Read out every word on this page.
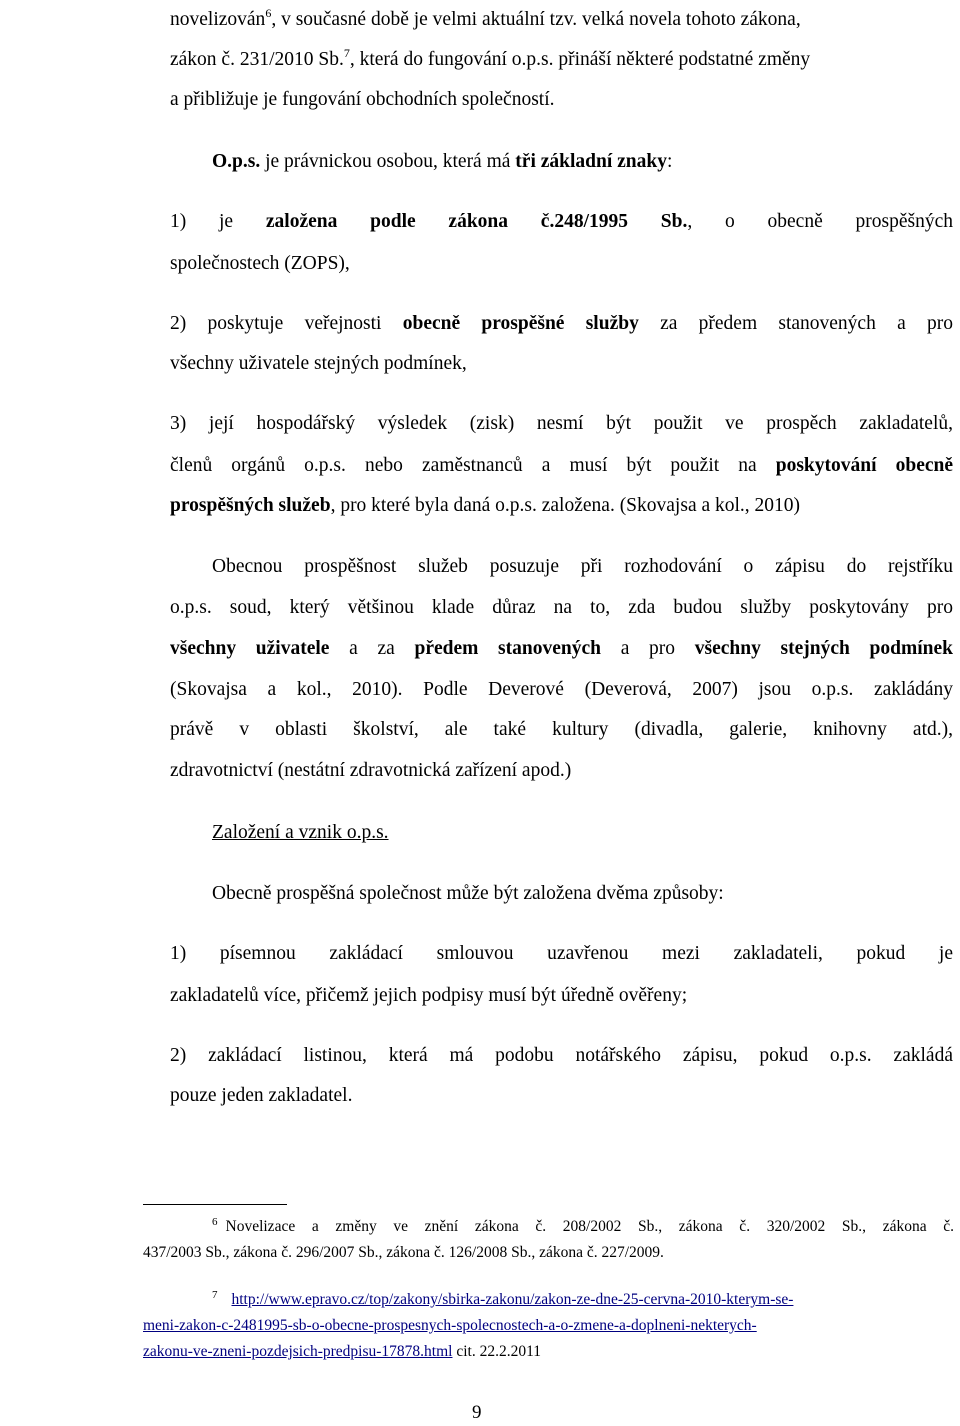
novelizován$^6$, v současné době je velmi aktuální tzv. velká novela tohoto zákona,
zákon č. 231/2010 Sb.$^7$, která do fungování o.p.s. přináší některé podstatné změny
a přibližuje je fungování obchodních společností.
O.p.s. je právnickou osobou, která má tři základní znaky:
1) je založena podle zákona č.248/1995 Sb., o obecně prospěšných
společnostech (ZOPS),
2) poskytuje veřejnosti obecně prospěšné služby za předem stanovených a pro
všechny uživatele stejných podmínek,
3) její hospodářský výsledek (zisk) nesmí být použit ve prospěch zakladatelů,
členů orgánů o.p.s. nebo zaměstnanců a musí být použit na poskytování obecně
prospěšných služeb, pro které byla daná o.p.s. založena. (Skovajsa a kol., 2010)
Obecnou prospěšnost služeb posuzuje při rozhodování o zápisu do rejstříku
o.p.s. soud, který většinou klade důraz na to, zda budou služby poskytovány pro
všechny uživatele a za předem stanovených a pro všechny stejných podmínek
(Skovajsa a kol., 2010). Podle Deverové (Deverová, 2007) jsou o.p.s. zakládány
právě v oblasti školství, ale také kultury (divadla, galerie, knihovny atd.),
zdravotnictví (nestátní zdravotnická zařízení apod.)
Založení a vznik o.p.s.
Obecně prospěšná společnost může být založena dvěma způsoby:
1) písemnou zakládací smlouvou uzavřenou mezi zakladateli, pokud je
zakladatelů více, přičemž jejich podpisy musí být úředně ověřeny;
2) zakládací listinou, která má podobu notářského zápisu, pokud o.p.s. zakládá
pouze jeden zakladatel.
$^6$ Novelizace a změny ve znění zákona č. 208/2002 Sb., zákona č. 320/2002 Sb., zákona č.
437/2003 Sb., zákona č. 296/2007 Sb., zákona č. 126/2008 Sb., zákona č. 227/2009.
$^7$ http://www.epravo.cz/top/zakony/sbirka-zakonu/zakon-ze-dne-25-cervna-2010-kterym-se-
meni-zakon-c-2481995-sb-o-obecne-prospesnych-spolecnostech-a-o-zmene-a-doplneni-nekterych-
zakonu-ve-zneni-pozdejsich-predpisu-17878.html cit. 22.2.2011
9
